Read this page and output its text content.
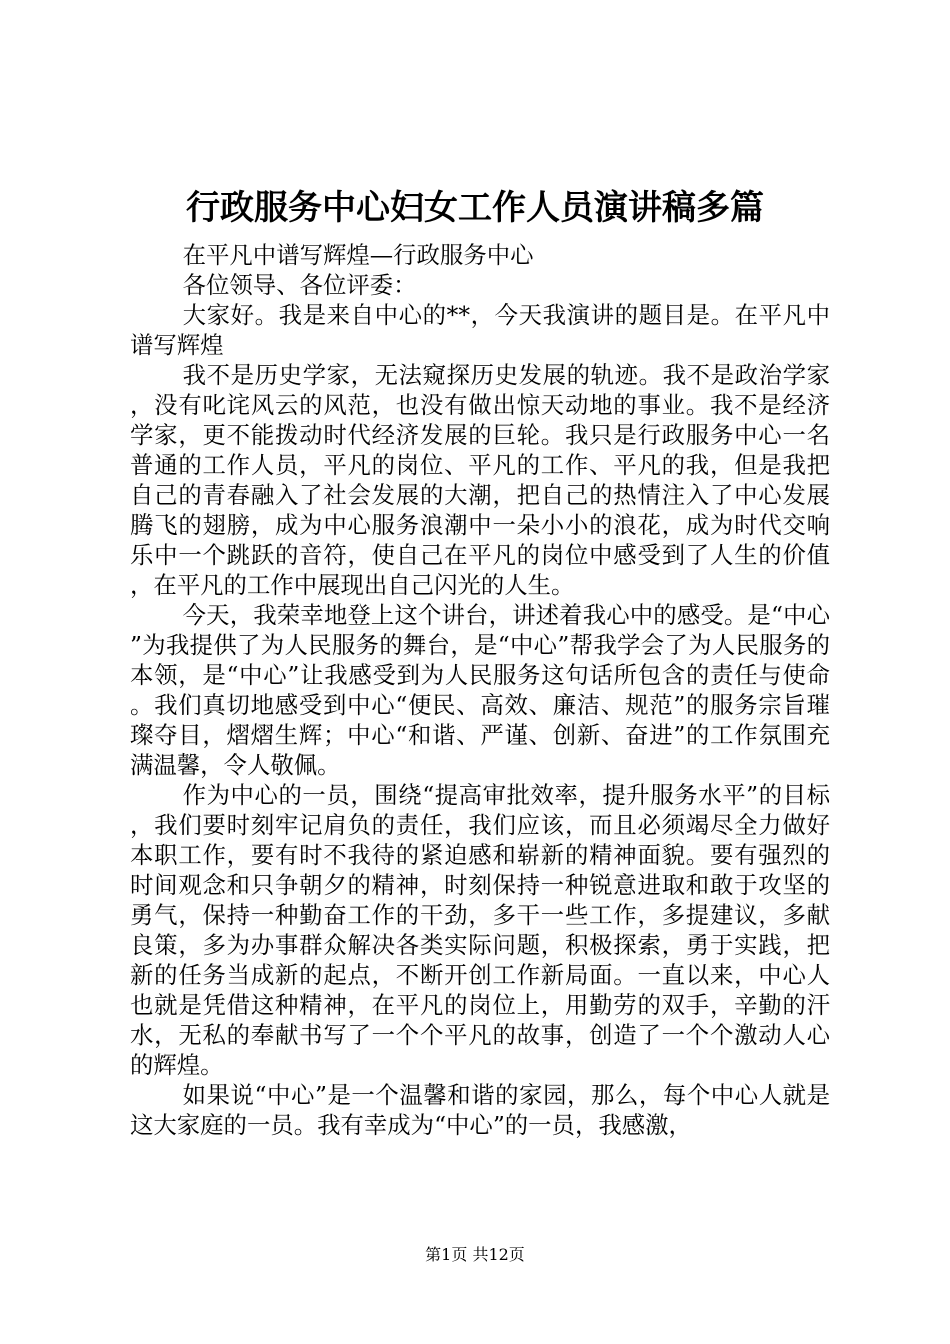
行政服务中心妇女工作人员演讲稿多篇

在平凡中谱写辉煌—行政服务中心

各位领导、各位评委：

大家好。我是来自中心的**，今天我演讲的题目是。在平凡中谱写辉煌

我不是历史学家，无法窥探历史发展的轨迹。我不是政治学家，没有叱诧风云的风范，也没有做出惊天动地的事业。我不是经济学家，更不能拨动时代经济发展的巨轮。我只是行政服务中心一名普通的工作人员，平凡的岗位、平凡的工作、平凡的我，但是我把自己的青春融入了社会发展的大潮，把自己的热情注入了中心发展腾飞的翅膀，成为中心服务浪潮中一朵小小的浪花，成为时代交响乐中一个跳跃的音符，使自己在平凡的岗位中感受到了人生的价值，在平凡的工作中展现出自己闪光的人生。

今天，我荣幸地登上这个讲台，讲述着我心中的感受。是“中心”为我提供了为人民服务的舞台，是“中心”帮我学会了为人民服务的本领，是“中心”让我感受到为人民服务这句话所包含的责任与使命。我们真切地感受到中心“便民、高效、廉洁、规范”的服务宗旨璀璨夺目，熠熠生辉；中心“和谐、严谨、创新、奋进”的工作氛围充满温馨，令人敬佩。

作为中心的一员，围绕“提高审批效率，提升服务水平”的目标，我们要时刻牢记肩负的责任，我们应该，而且必须竭尽全力做好本职工作，要有时不我待的紧迫感和崭新的精神面貌。要有强烈的时间观念和只争朝夕的精神，时刻保持一种锐意进取和敢于攻坚的勇气，保持一种勤奋工作的干劲，多干一些工作，多提建议，多献良策，多为办事群众解决各类实际问题，积极探索，勇于实践，把新的任务当成新的起点，不断开创工作新局面。一直以来，中心人也就是凭借这种精神，在平凡的岗位上，用勤劳的双手，辛勤的汗水，无私的奉献书写了一个个平凡的故事，创造了一个个激动人心的辉煌。

如果说“中心”是一个温馨和谐的家园，那么，每个中心人就是这大家庭的一员。我有幸成为“中心”的一员，我感激，

第1页 共12页
